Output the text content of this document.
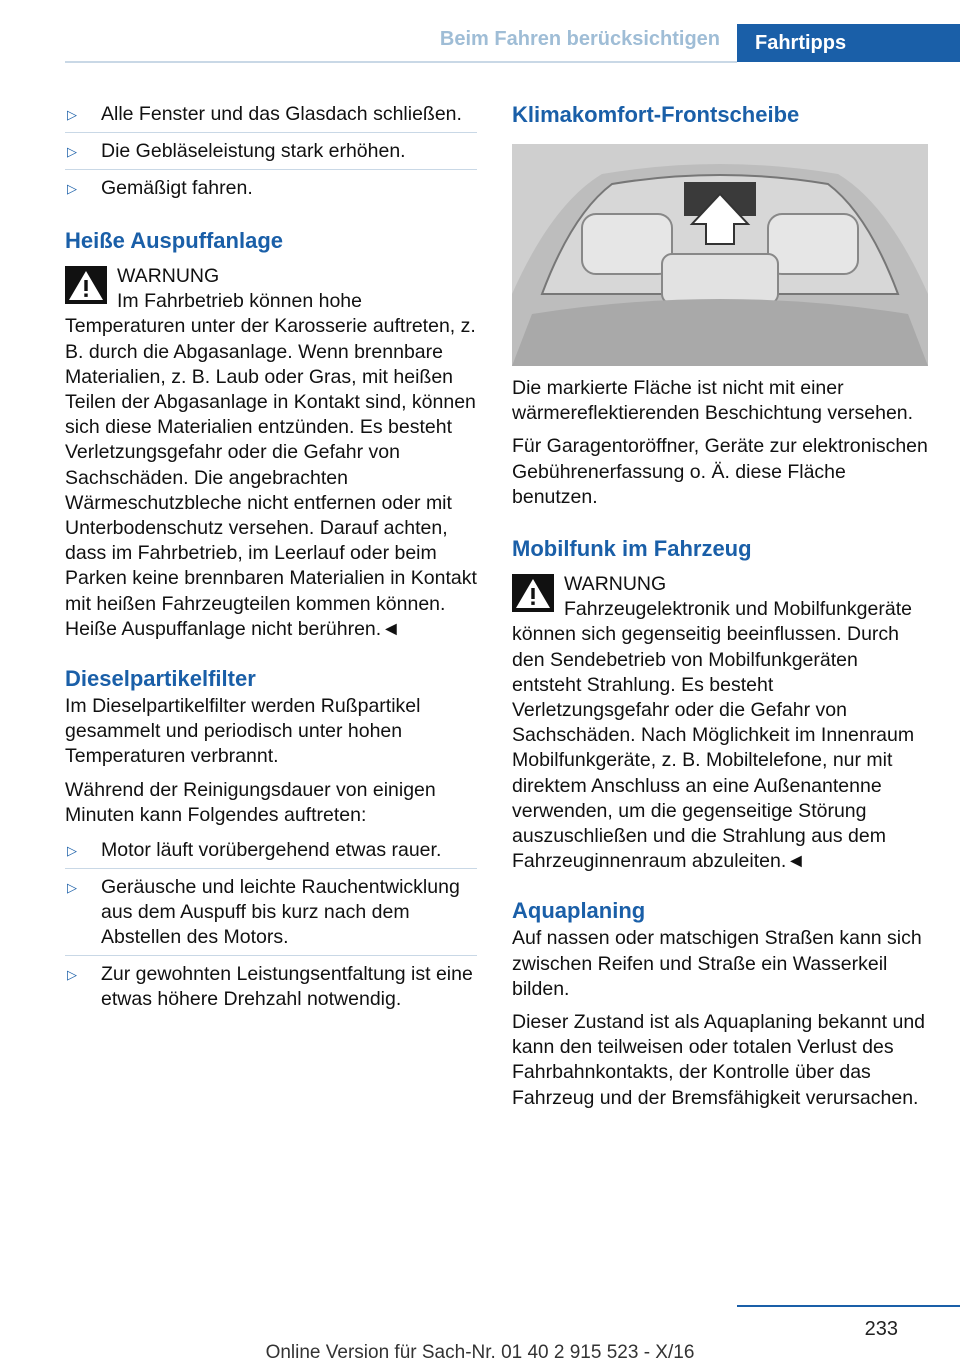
Beim Fahren berücksichtigen Fahrtipps
▷	Alle Fenster und das Glasdach schließen.
▷	Die Gebläseleistung stark erhöhen.
▷	Gemäßigt fahren.
Heiße Auspuffanlage
WARNUNG
Im Fahrbetrieb können hohe Temperaturen unter der Karosserie auftreten, z. B. durch die Abgasanlage. Wenn brennbare Materialien, z. B. Laub oder Gras, mit heißen Teilen der Abgasanlage in Kontakt sind, können sich diese Materialien entzünden. Es besteht Verletzungsgefahr oder die Gefahr von Sachschäden. Die angebrachten Wärmeschutzbleche nicht entfernen oder mit Unterbodenschutz versehen. Darauf achten, dass im Fahrbetrieb, im Leerlauf oder beim Parken keine brennbaren Materialien in Kontakt mit heißen Fahrzeugteilen kommen können. Heiße Auspuffanlage nicht berühren.◄
Dieselpartikelfilter

Im Dieselpartikelfilter werden Rußpartikel gesammelt und periodisch unter hohen Temperaturen verbrannt.

Während der Reinigungsdauer von einigen Minuten kann Folgendes auftreten:

▷	Motor läuft vorübergehend etwas rauer.
▷	Geräusche und leichte Rauchentwicklung aus dem Auspuff bis kurz nach dem Abstellen des Motors.
▷	Zur gewohnten Leistungsentfaltung ist eine etwas höhere Drehzahl notwendig.
Klimakomfort-Frontscheibe

Die markierte Fläche ist nicht mit einer wärmereflektierenden Beschichtung versehen.

Für Garagentoröffner, Geräte zur elektronischen Gebührenerfassung o. Ä. diese Fläche benutzen.

Mobilfunk im Fahrzeug
WARNUNG
Fahrzeugelektronik und Mobilfunkgeräte können sich gegenseitig beeinflussen. Durch den Sendebetrieb von Mobilfunkgeräten entsteht Strahlung. Es besteht Verletzungsgefahr oder die Gefahr von Sachschäden. Nach Möglichkeit im Innenraum Mobilfunkgeräte, z. B. Mobiltelefone, nur mit direktem Anschluss an eine Außenantenne verwenden, um die gegenseitige Störung auszuschließen und die Strahlung aus dem Fahrzeuginnenraum abzuleiten.◄
Aquaplaning

Auf nassen oder matschigen Straßen kann sich zwischen Reifen und Straße ein Wasserkeil bilden.

Dieser Zustand ist als Aquaplaning bekannt und kann den teilweisen oder totalen Verlust des Fahrbahnkontakts, der Kontrolle über das Fahrzeug und der Bremsfähigkeit verursachen.

233
Online Version für Sach-Nr. 01 40 2 915 523 - X/16
